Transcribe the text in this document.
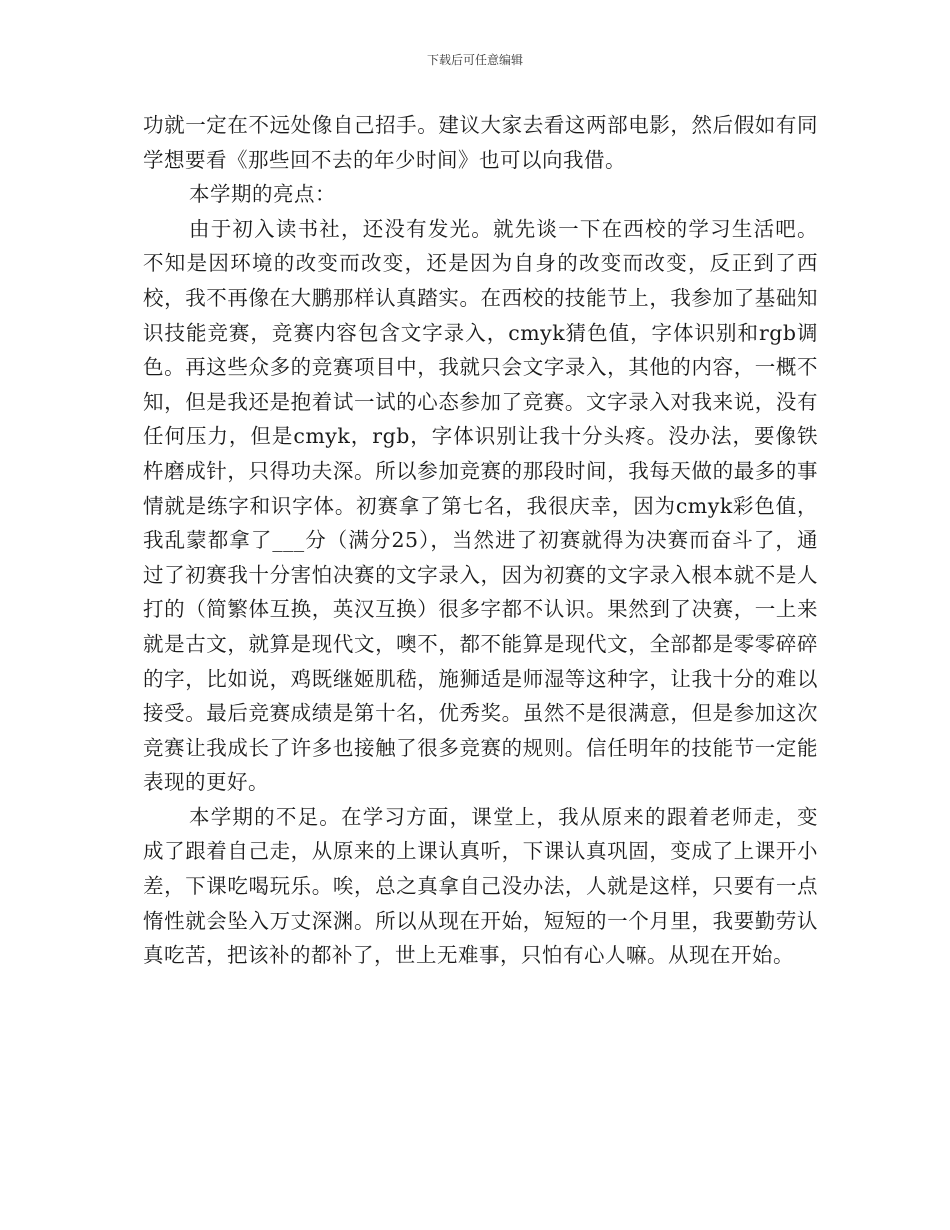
下载后可任意编辑

功就一定在不远处像自己招手。建议大家去看这两部电影，然后假如有同学想要看《那些回不去的年少时间》也可以向我借。

本学期的亮点：

由于初入读书社，还没有发光。就先谈一下在西校的学习生活吧。不知是因环境的改变而改变，还是因为自身的改变而改变，反正到了西校，我不再像在大鹏那样认真踏实。在西校的技能节上，我参加了基础知识技能竞赛，竞赛内容包含文字录入，cmyk猜色值，字体识别和rgb调色。再这些众多的竞赛项目中，我就只会文字录入，其他的内容，一概不知，但是我还是抱着试一试的心态参加了竞赛。文字录入对我来说，没有任何压力，但是cmyk，rgb，字体识别让我十分头疼。没办法，要像铁杵磨成针，只得功夫深。所以参加竞赛的那段时间，我每天做的最多的事情就是练字和识字体。初赛拿了第七名，我很庆幸，因为cmyk彩色值，我乱蒙都拿了___分（满分25），当然进了初赛就得为决赛而奋斗了，通过了初赛我十分害怕决赛的文字录入，因为初赛的文字录入根本就不是人打的（简繁体互换，英汉互换）很多字都不认识。果然到了决赛，一上来就是古文，就算是现代文，噢不，都不能算是现代文，全部都是零零碎碎的字，比如说，鸡既继姬肌嵇，施狮适是师湿等这种字，让我十分的难以接受。最后竞赛成绩是第十名，优秀奖。虽然不是很满意，但是参加这次竞赛让我成长了许多也接触了很多竞赛的规则。信任明年的技能节一定能表现的更好。

本学期的不足。在学习方面，课堂上，我从原来的跟着老师走，变成了跟着自己走，从原来的上课认真听，下课认真巩固，变成了上课开小差，下课吃喝玩乐。唉，总之真拿自己没办法，人就是这样，只要有一点惰性就会坠入万丈深渊。所以从现在开始，短短的一个月里，我要勤劳认真吃苦，把该补的都补了，世上无难事，只怕有心人嘛。从现在开始。
